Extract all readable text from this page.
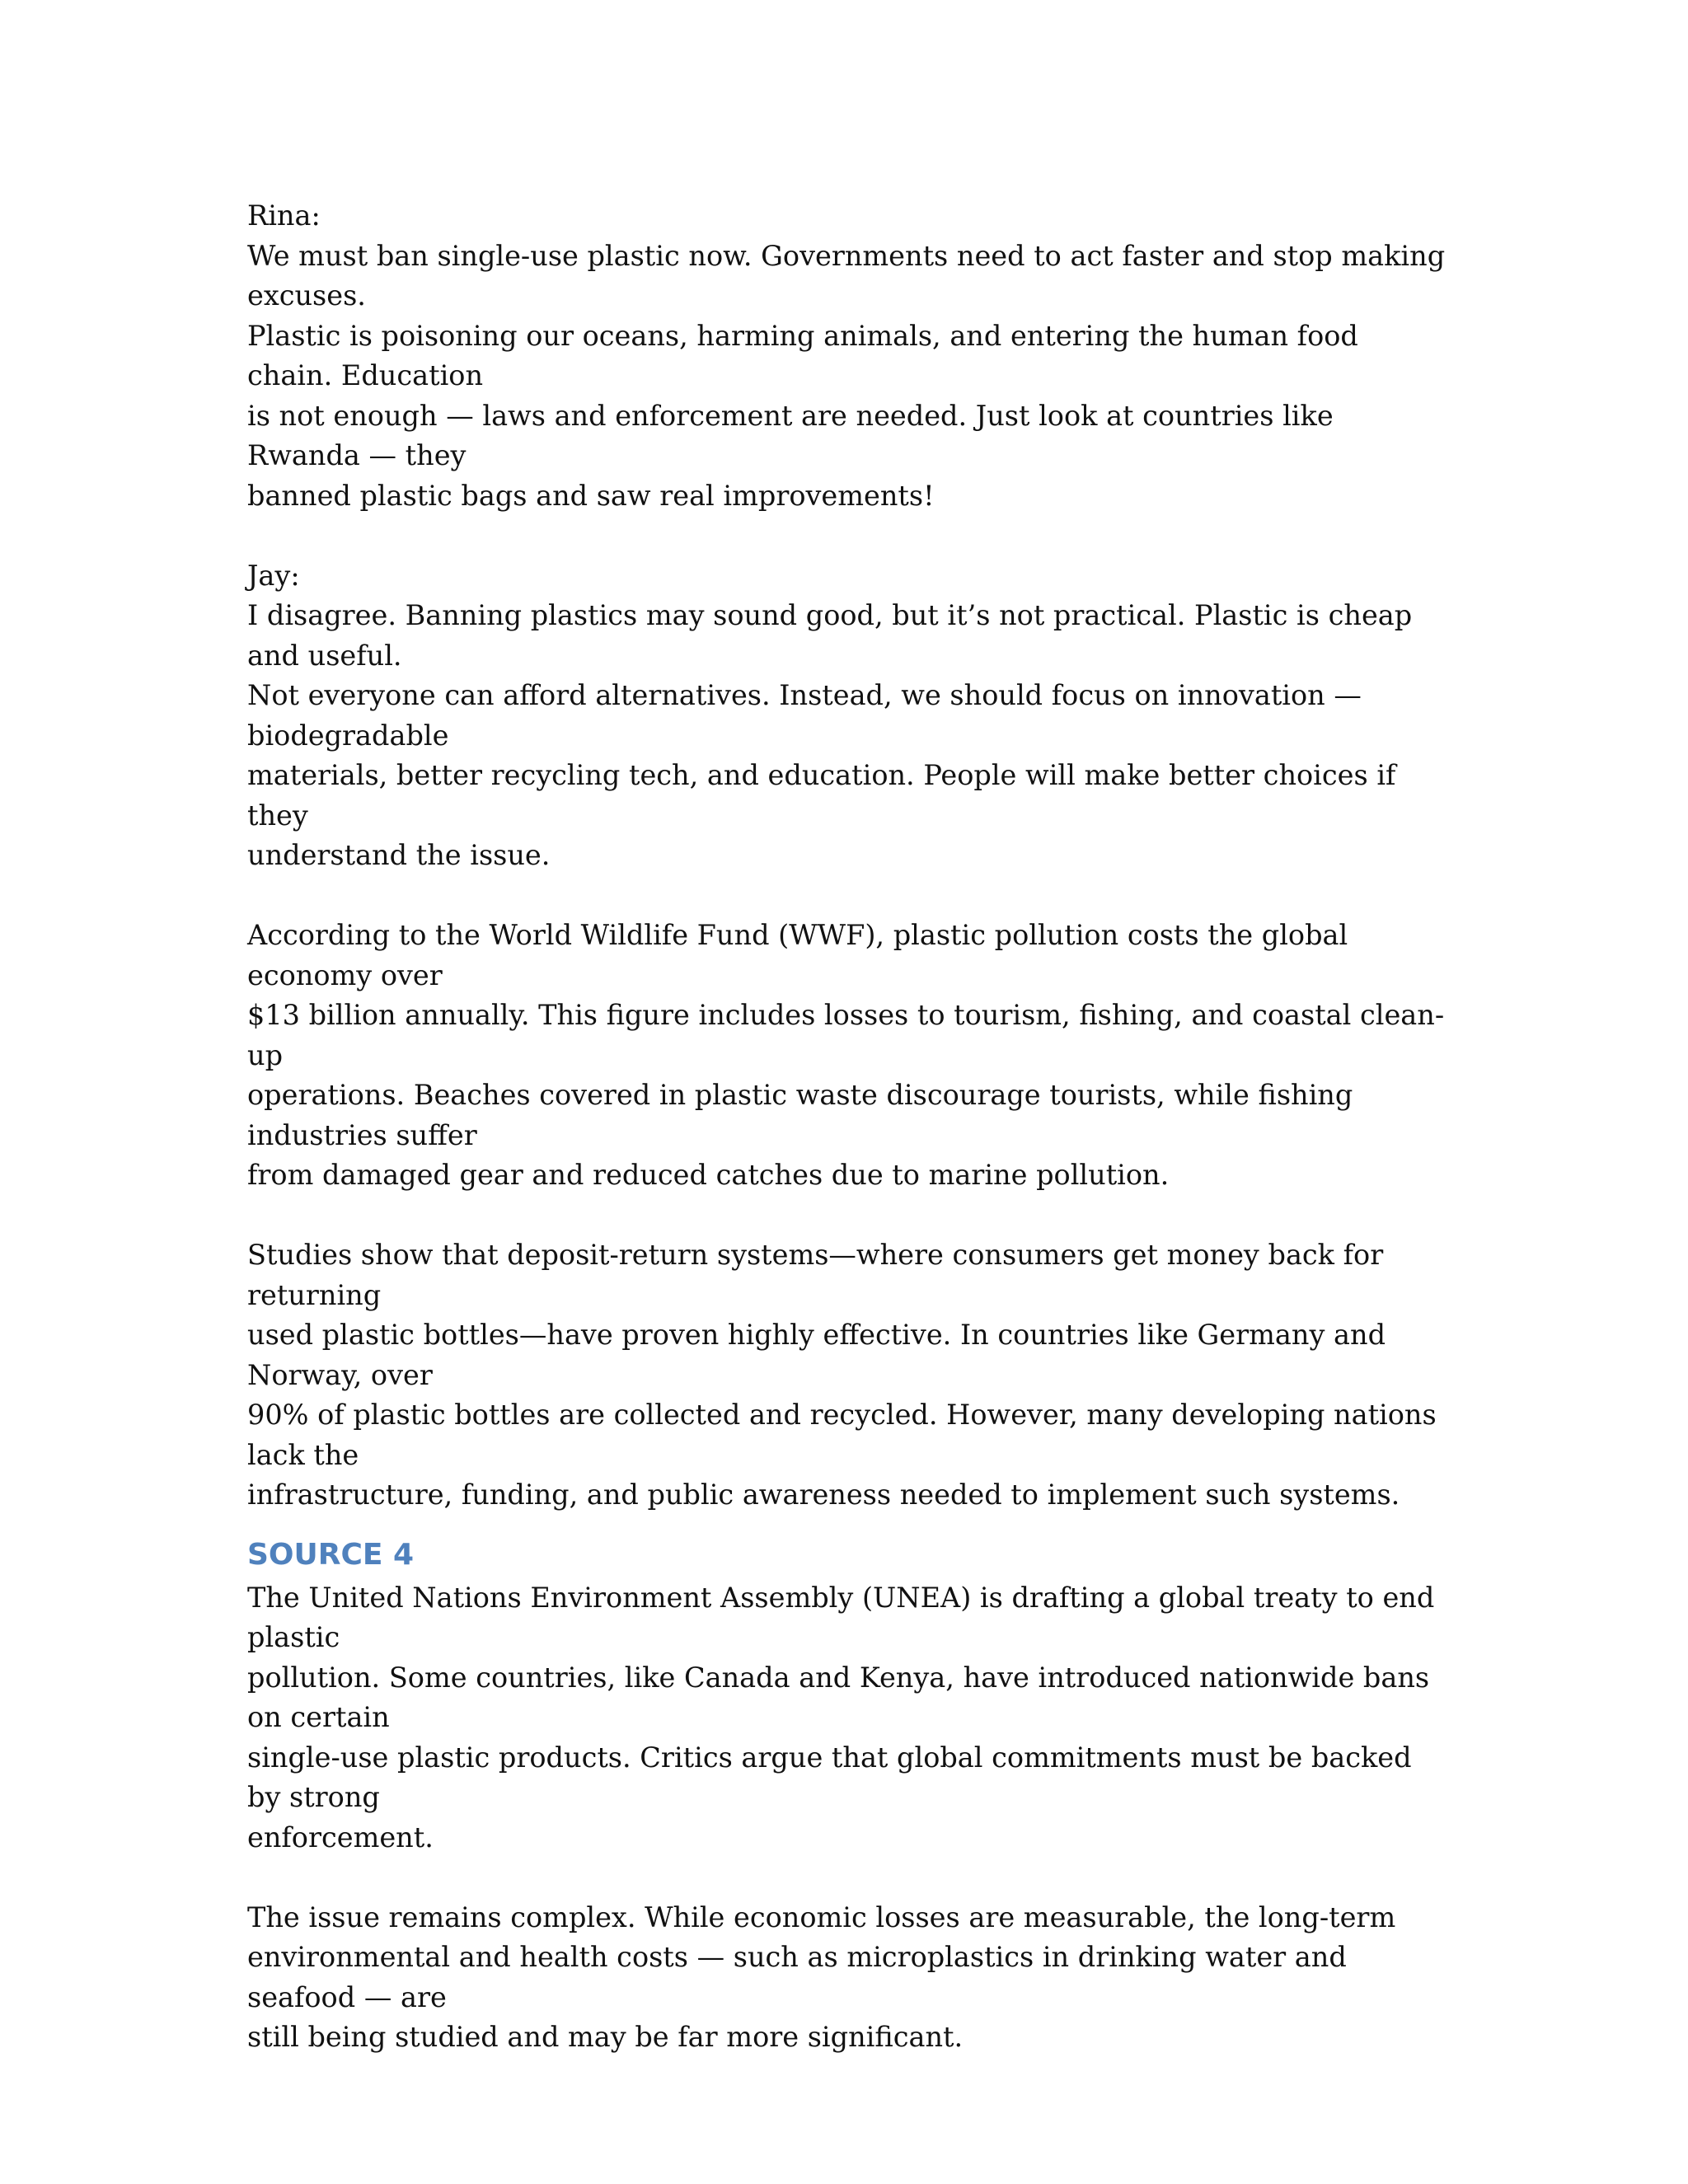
Rina:

We must ban single-use plastic now. Governments need to act faster and stop making excuses.
Plastic is poisoning our oceans, harming animals, and entering the human food chain. Education
is not enough — laws and enforcement are needed. Just look at countries like Rwanda — they
banned plastic bags and saw real improvements!

Jay:

I disagree. Banning plastics may sound good, but it’s not practical. Plastic is cheap and useful.
Not everyone can afford alternatives. Instead, we should focus on innovation — biodegradable
materials, better recycling tech, and education. People will make better choices if they
understand the issue.

According to the World Wildlife Fund (WWF), plastic pollution costs the global economy over
$13 billion annually. This figure includes losses to tourism, fishing, and coastal clean-up
operations. Beaches covered in plastic waste discourage tourists, while fishing industries suffer
from damaged gear and reduced catches due to marine pollution.

Studies show that deposit-return systems—where consumers get money back for returning
used plastic bottles—have proven highly effective. In countries like Germany and Norway, over
90% of plastic bottles are collected and recycled. However, many developing nations lack the
infrastructure, funding, and public awareness needed to implement such systems.

SOURCE 4

The United Nations Environment Assembly (UNEA) is drafting a global treaty to end plastic
pollution. Some countries, like Canada and Kenya, have introduced nationwide bans on certain
single-use plastic products. Critics argue that global commitments must be backed by strong
enforcement.

The issue remains complex. While economic losses are measurable, the long-term
environmental and health costs — such as microplastics in drinking water and seafood — are
still being studied and may be far more significant.
